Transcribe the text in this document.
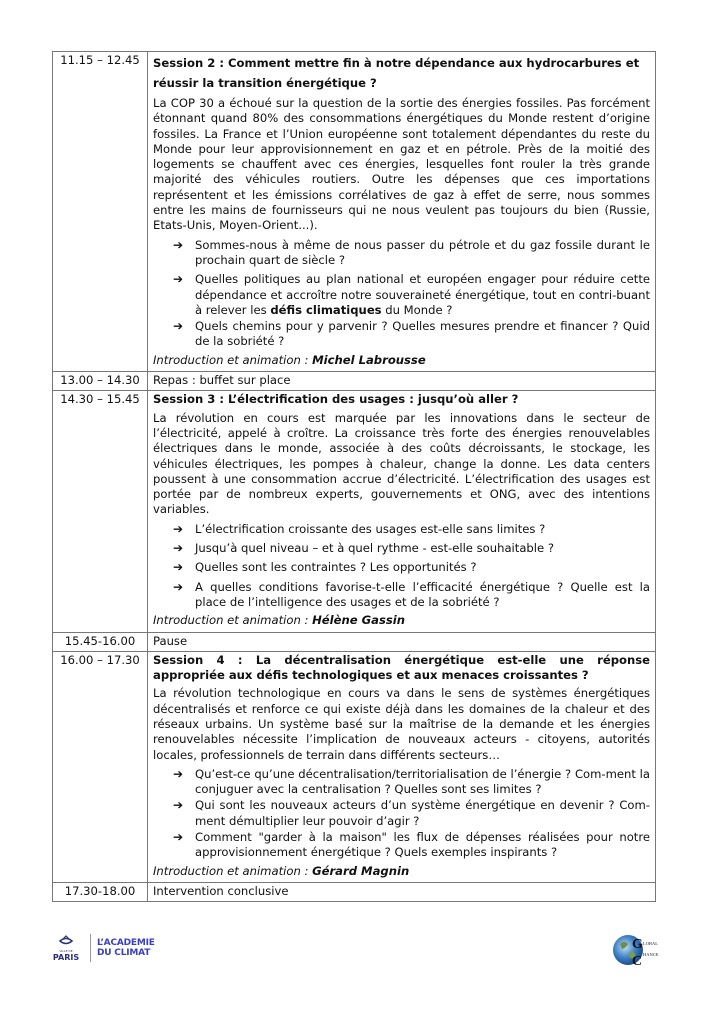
11.15 – 12.45	Session 2 : Comment mettre fin à notre dépendance aux hydrocarbures et réussir la transition énergétique ?

La COP 30 a échoué sur la question de la sortie des énergies fossiles. Pas forcément étonnant quand 80% des consommations énergétiques du Monde restent d’origine fossiles. La France et l’Union européenne sont totalement dépendantes du reste du Monde pour leur approvisionnement en gaz et en pétrole. Près de la moitié des logements se chauffent avec ces énergies, lesquelles font rouler la très grande majorité des véhicules routiers. Outre les dépenses que ces importations représentent et les émissions corrélatives de gaz à effet de serre, nous sommes entre les mains de fournisseurs qui ne nous veulent pas toujours du bien (Russie, Etats-Unis, Moyen-Orient...).

➔ Sommes-nous à même de nous passer du pétrole et du gaz fossile durant le prochain quart de siècle ?
➔ Quelles politiques au plan national et européen engager pour réduire cette dépendance et accroître notre souveraineté énergétique, tout en contri-buant à relever les défis climatiques du Monde ?
➔ Quels chemins pour y parvenir ? Quelles mesures prendre et financer ? Quid de la sobriété ?

Introduction et animation : Michel Labrousse

13.00 – 14.30	Repas : buffet sur place
14.30 – 15.45	Session 3 : L’électrification des usages : jusqu’où aller ?

La révolution en cours est marquée par les innovations dans le secteur de l’électricité, appelé à croître. La croissance très forte des énergies renouvelables électriques dans le monde, associée à des coûts décroissants, le stockage, les véhicules électriques, les pompes à chaleur, change la donne. Les data centers poussent à une consommation accrue d’électricité. L’électrification des usages est portée par de nombreux experts, gouvernements et ONG, avec des intentions variables.

➔ L’électrification croissante des usages est-elle sans limites ?
➔ Jusqu’à quel niveau – et à quel rythme - est-elle souhaitable ?
➔ Quelles sont les contraintes ? Les opportunités ?
➔ A quelles conditions favorise-t-elle l’efficacité énergétique ? Quelle est la place de l’intelligence des usages et de la sobriété ?

Introduction et animation : Hélène Gassin

15.45-16.00	Pause
16.00 – 17.30	Session 4 : La décentralisation énergétique est-elle une réponse appropriée aux défis technologiques et aux menaces croissantes ?

La révolution technologique en cours va dans le sens de systèmes énergétiques décentralisés et renforce ce qui existe déjà dans les domaines de la chaleur et des réseaux urbains. Un système basé sur la maîtrise de la demande et les énergies renouvelables nécessite l’implication de nouveaux acteurs - citoyens, autorités locales, professionnels de terrain dans différents secteurs…

➔ Qu’est-ce qu’une décentralisation/territorialisation de l’énergie ? Com-ment la conjuguer avec la centralisation ? Quelles sont ses limites ?
➔ Qui sont les nouveaux acteurs d’un système énergétique en devenir ? Com-ment démultiplier leur pouvoir d’agir ?
➔ Comment "garder à la maison" les flux de dépenses réalisées pour notre approvisionnement énergétique ? Quels exemples inspirants ?

Introduction et animation : Gérard Magnin

17.30-18.00	Intervention conclusive
VILLE DE
PARIS
L’ACADEMIE
DU CLIMAT
G
C
LOBAL
HANCE
